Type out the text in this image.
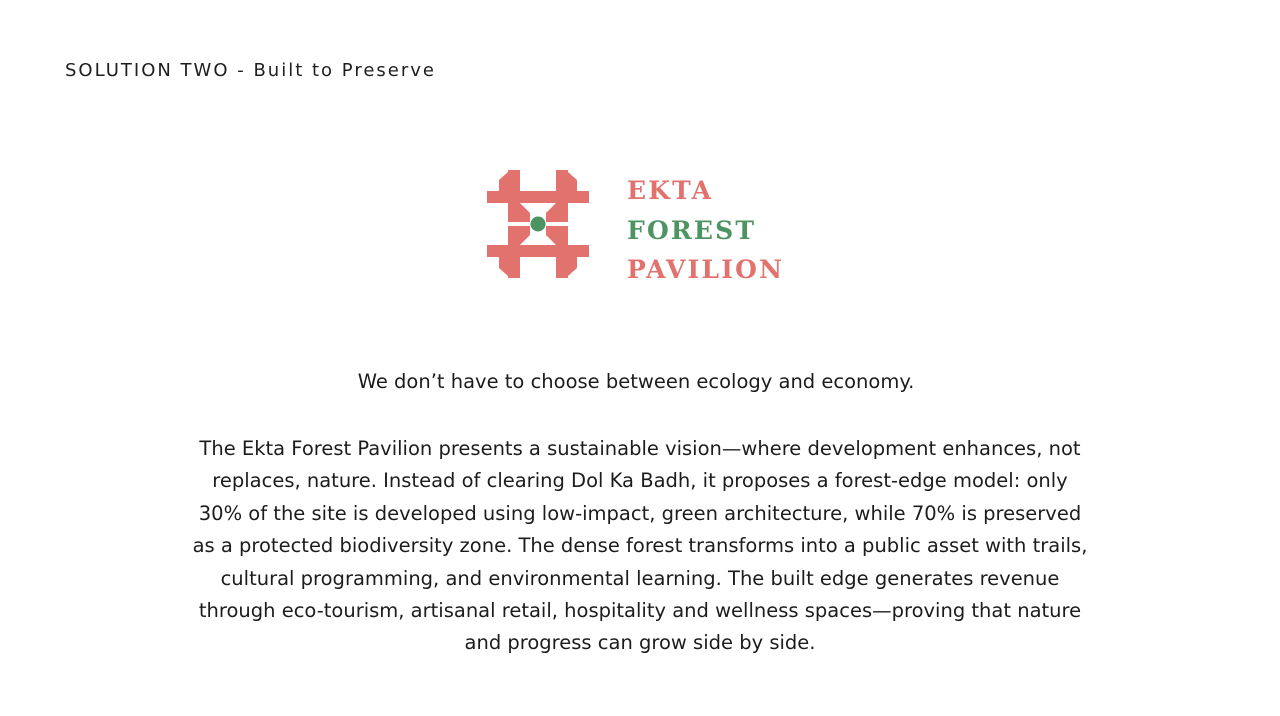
SOLUTION TWO - Built to Preserve
EKTA
FOREST
PAVILION
We don’t have to choose between ecology and economy.

The Ekta Forest Pavilion presents a sustainable vision—where development enhances, not replaces, nature. Instead of clearing Dol Ka Badh, it proposes a forest-edge model: only 30% of the site is developed using low-impact, green architecture, while 70% is preserved as a protected biodiversity zone. The dense forest transforms into a public asset with trails, cultural programming, and environmental learning. The built edge generates revenue through eco-tourism, artisanal retail, hospitality and wellness spaces—proving that nature and progress can grow side by side.
